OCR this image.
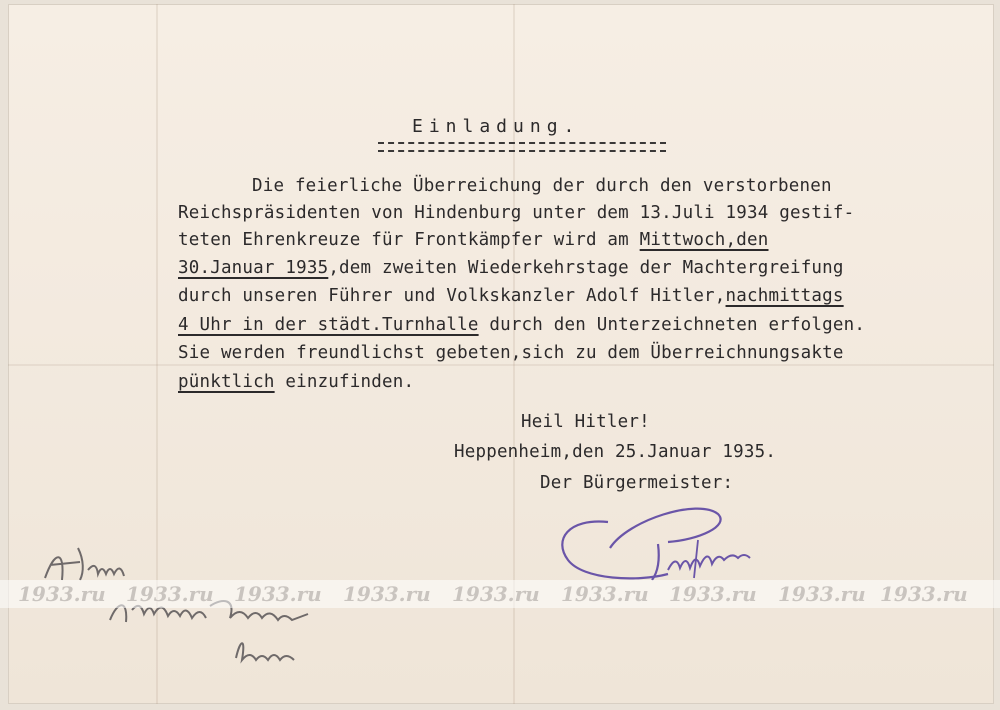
Einladung.
Die feierliche Überreichung der durch den verstorbenen
Reichspräsidenten von Hindenburg unter dem 13.Juli 1934 gestif-
teten Ehrenkreuze für Frontkämpfer wird am Mittwoch,den
30.Januar 1935,dem zweiten Wiederkehrstage der Machtergreifung
durch unseren Führer und Volkskanzler Adolf Hitler,nachmittags
4 Uhr in der städt.Turnhalle durch den Unterzeichneten erfolgen.
Sie werden freundlichst gebeten,sich zu dem Überreichnungsakte
pünktlich einzufinden.
Heil Hitler!
Heppenheim,den 25.Januar 1935.
Der Bürgermeister:
1933.ru 1933.ru 1933.ru 1933.ru 1933.ru 1933.ru 1933.ru 1933.ru 1933.ru
